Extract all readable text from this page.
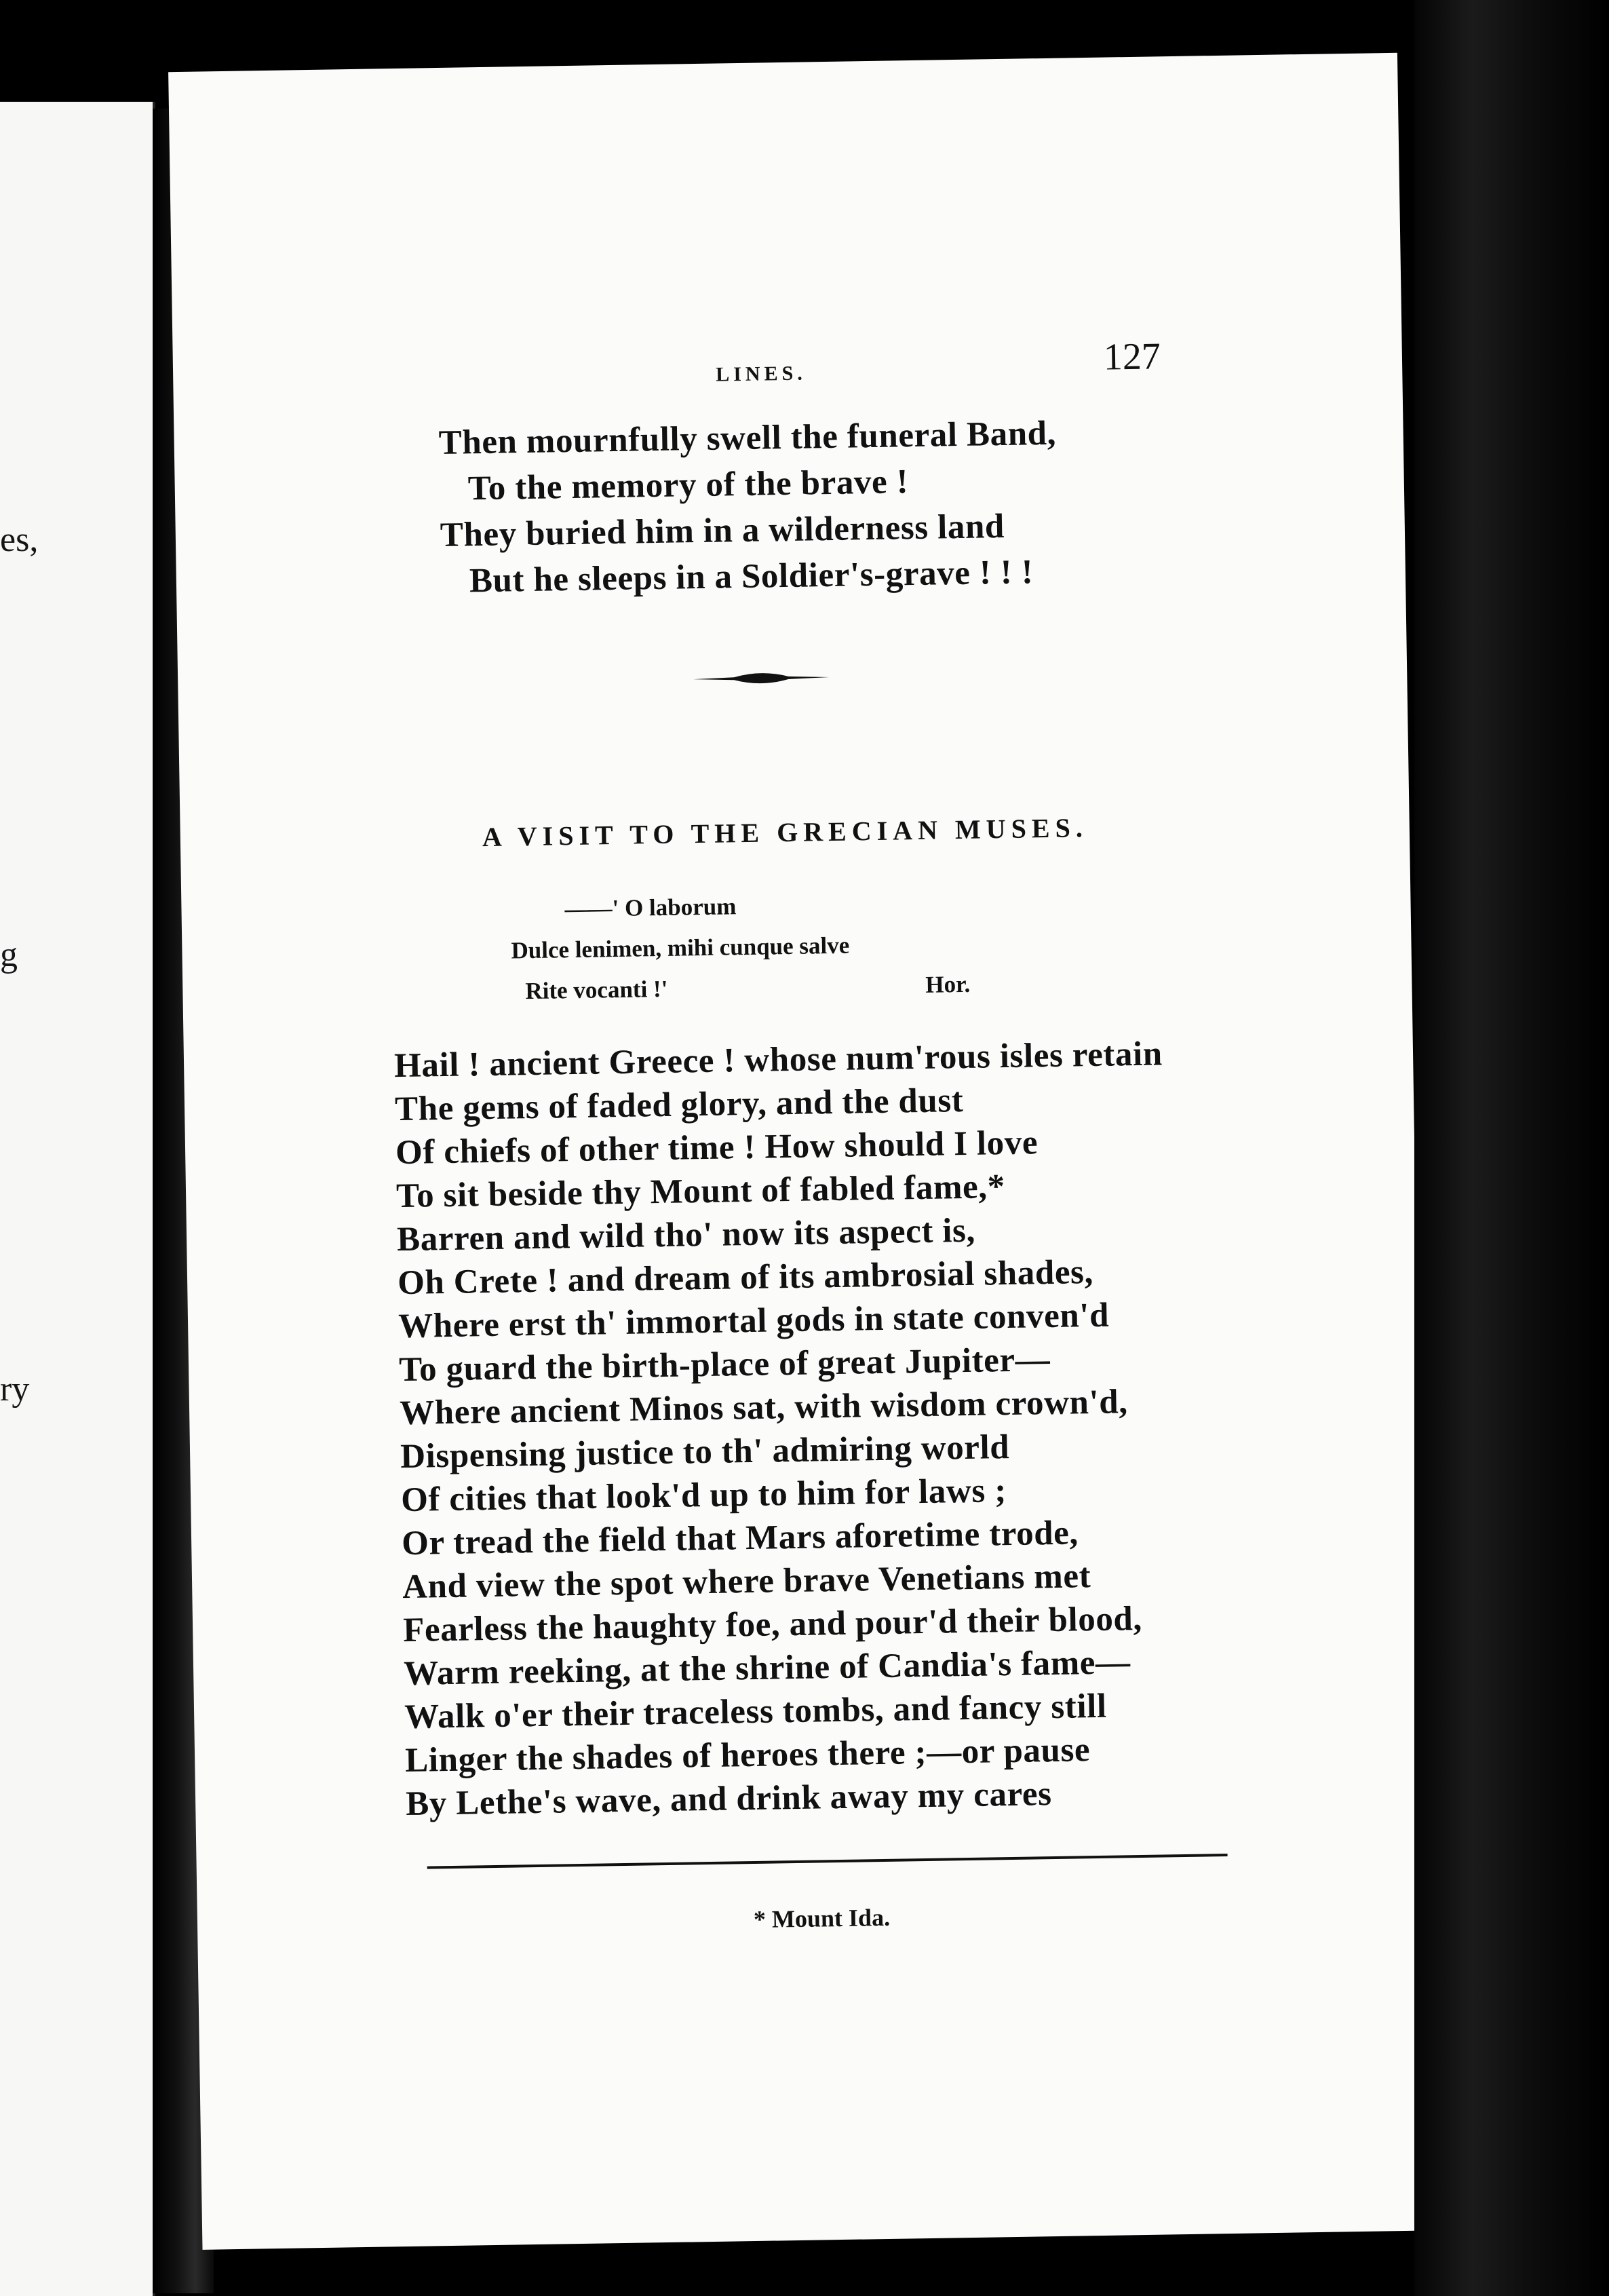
es,
g
ry
127
LINES.
Then mournfully swell the funeral Band,
To the memory of the brave !
They buried him in a wilderness land
But he sleeps in a Soldier's-grave ! ! !
A VISIT TO THE GRECIAN MUSES.
——' O laborum
Dulce lenimen, mihi cunque salve
Rite vocanti !'	Hor.
Hail ! ancient Greece ! whose num'rous isles retain
The gems of faded glory, and the dust
Of chiefs of other time ! How should I love
To sit beside thy Mount of fabled fame,*
Barren and wild tho' now its aspect is,
Oh Crete ! and dream of its ambrosial shades,
Where erst th' immortal gods in state conven'd
To guard the birth-place of great Jupiter—
Where ancient Minos sat, with wisdom crown'd,
Dispensing justice to th' admiring world
Of cities that look'd up to him for laws ;
Or tread the field that Mars aforetime trode,
And view the spot where brave Venetians met
Fearless the haughty foe, and pour'd their blood,
Warm reeking, at the shrine of Candia's fame—
Walk o'er their traceless tombs, and fancy still
Linger the shades of heroes there ;—or pause
By Lethe's wave, and drink away my cares
* Mount Ida.
